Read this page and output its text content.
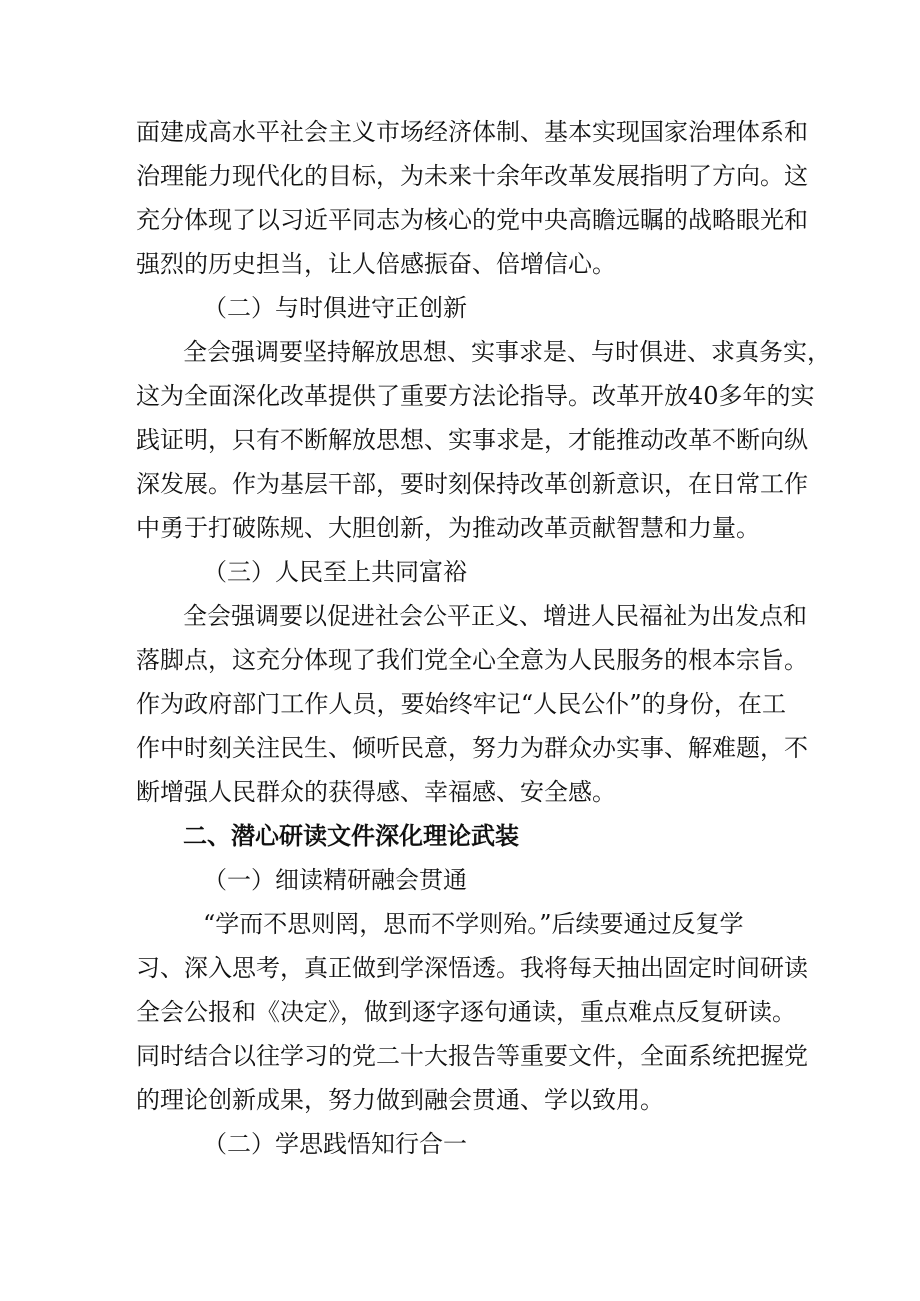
面建成高水平社会主义市场经济体制、基本实现国家治理体系和
治理能力现代化的目标，为未来十余年改革发展指明了方向。这
充分体现了以习近平同志为核心的党中央高瞻远瞩的战略眼光和
强烈的历史担当，让人倍感振奋、倍增信心。
（二）与时俱进守正创新
全会强调要坚持解放思想、实事求是、与时俱进、求真务实，
这为全面深化改革提供了重要方法论指导。改革开放40多年的实
践证明，只有不断解放思想、实事求是，才能推动改革不断向纵
深发展。作为基层干部，要时刻保持改革创新意识，在日常工作
中勇于打破陈规、大胆创新，为推动改革贡献智慧和力量。
（三）人民至上共同富裕
全会强调要以促进社会公平正义、增进人民福祉为出发点和
落脚点，这充分体现了我们党全心全意为人民服务的根本宗旨。
作为政府部门工作人员，要始终牢记“人民公仆”的身份，在工
作中时刻关注民生、倾听民意，努力为群众办实事、解难题，不
断增强人民群众的获得感、幸福感、安全感。
二、潜心研读文件深化理论武装
（一）细读精研融会贯通
“学而不思则罔，思而不学则殆。”后续要通过反复学
习、深入思考，真正做到学深悟透。我将每天抽出固定时间研读
全会公报和《决定》，做到逐字逐句通读，重点难点反复研读。
同时结合以往学习的党二十大报告等重要文件，全面系统把握党
的理论创新成果，努力做到融会贯通、学以致用。
（二）学思践悟知行合一
